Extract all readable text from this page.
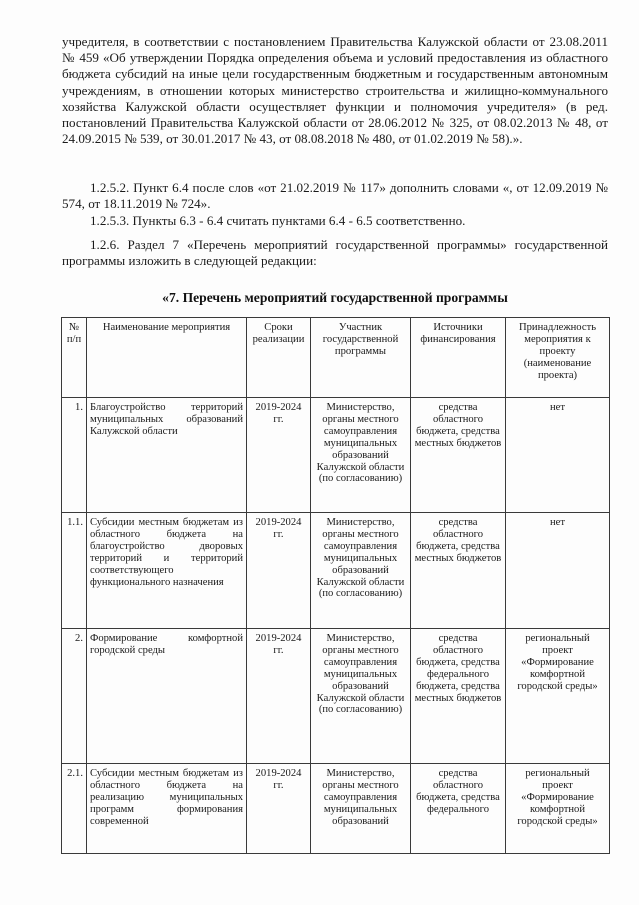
учредителя, в соответствии с постановлением Правительства Калужской области от 23.08.2011 № 459 «Об утверждении Порядка определения объема и условий предоставления из областного бюджета субсидий на иные цели государственным бюджетным и государственным автономным учреждениям, в отношении которых министерство строительства и жилищно-коммунального хозяйства Калужской области осуществляет функции и полномочия учредителя» (в ред. постановлений Правительства Калужской области от 28.06.2012 № 325, от 08.02.2013 № 48, от 24.09.2015 № 539, от 30.01.2017 № 43, от 08.08.2018 № 480, от 01.02.2019 № 58).».

1.2.5.2. Пункт 6.4 после слов «от 21.02.2019 № 117» дополнить словами «, от 12.09.2019 № 574, от 18.11.2019 № 724».

1.2.5.3. Пункты 6.3 - 6.4 считать пунктами 6.4 - 6.5 соответственно.

1.2.6. Раздел 7 «Перечень мероприятий государственной программы» государственной программы изложить в следующей редакции:

«7. Перечень мероприятий государственной программы

№ п/п	Наименование мероприятия	Сроки реализации	Участник государственной программы	Источники финансирования	Принадлежность мероприятия к проекту (наименование проекта)
1.	Благоустройство территорий муниципальных образований Калужской области	2019-2024 гг.	Министерство, органы местного самоуправления муниципальных образований Калужской области (по согласованию)	средства областного бюджета, средства местных бюджетов	нет
1.1.	Субсидии местным бюджетам из областного бюджета на благоустройство дворовых территорий и территорий соответствующего функционального назначения	2019-2024 гг.	Министерство, органы местного самоуправления муниципальных образований Калужской области (по согласованию)	средства областного бюджета, средства местных бюджетов	нет
2.	Формирование комфортной городской среды	2019-2024 гг.	Министерство, органы местного самоуправления муниципальных образований Калужской области (по согласованию)	средства областного бюджета, средства федерального бюджета, средства местных бюджетов	региональный проект «Формирование комфортной городской среды»
2.1.	Субсидии местным бюджетам из областного бюджета на реализацию муниципальных программ формирования современной	2019-2024 гг.	Министерство, органы местного самоуправления муниципальных образований	средства областного бюджета, средства федерального	региональный проект «Формирование комфортной городской среды»
